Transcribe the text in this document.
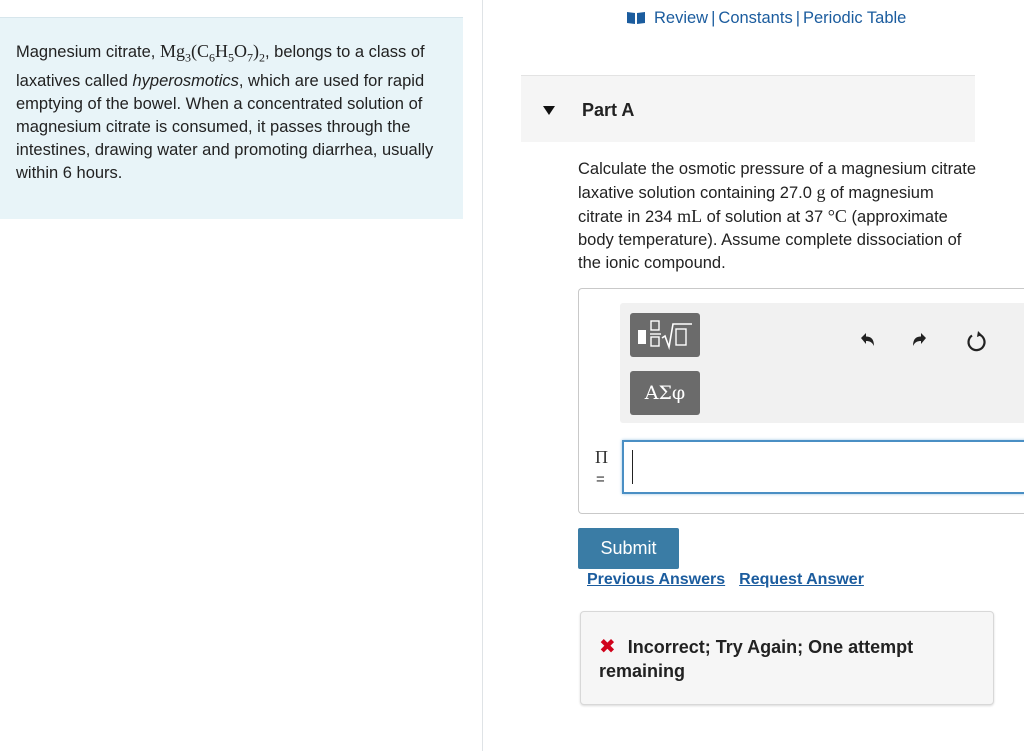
Magnesium citrate, $Mg_3(C_6H_5O_7)_2$, belongs to a class of laxatives called hyperosmotics, which are used for rapid emptying of the bowel. When a concentrated solution of magnesium citrate is consumed, it passes through the intestines, drawing water and promoting diarrhea, usually within 6 hours.
Review | Constants | Periodic Table
Part A
Calculate the osmotic pressure of a magnesium citrate laxative solution containing 27.0 g of magnesium citrate in 234 mL of solution at 37 °C (approximate body temperature). Assume complete dissociation of the ionic compound.
ΑΣφ
Π
=
Submit
Previous Answers Request Answer
✖ Incorrect; Try Again; One attempt remaining
